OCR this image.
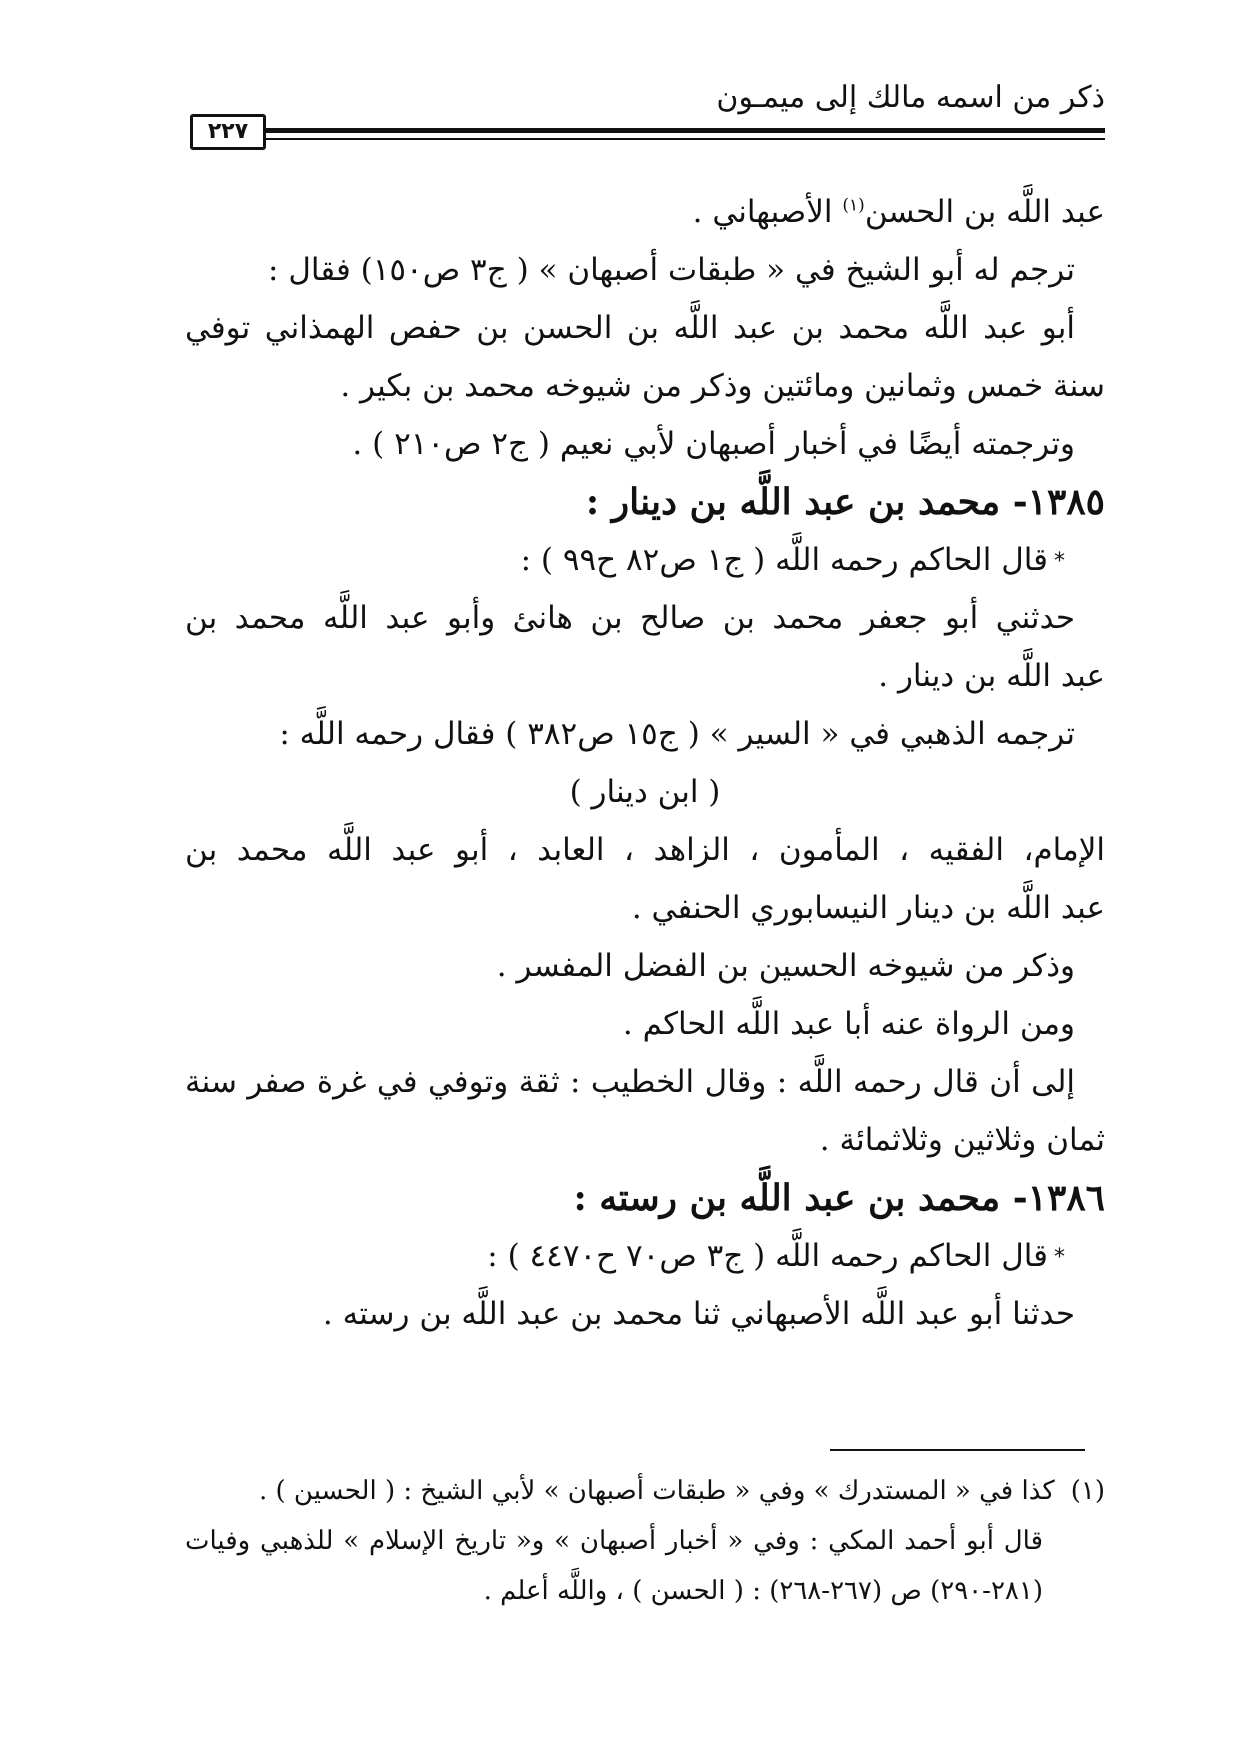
ذكر من اسمه مالك إلى ميمـون
٢٢٧
عبد اللَّه بن الحسن$^{(١)}$ الأصبهاني .
ترجم له أبو الشيخ في « طبقات أصبهان » ( ج٣ ص١٥٠) فقال :
أبو عبد اللَّه محمد بن عبد اللَّه بن الحسن بن حفص الهمذاني توفي
سنة خمس وثمانين ومائتين وذكر من شيوخه محمد بن بكير .
وترجمته أيضًا في أخبار أصبهان لأبي نعيم ( ج٢ ص٢١٠ ) .
١٣٨٥- محمد بن عبد اللَّه بن دينار :
*قال الحاكم رحمه اللَّه ( ج١ ص٨٢ ح٩٩ ) :
حدثني أبو جعفر محمد بن صالح بن هانئ وأبو عبد اللَّه محمد بن
عبد اللَّه بن دينار .
ترجمه الذهبي في « السير » ( ج١٥ ص٣٨٢ ) فقال رحمه اللَّه :
( ابن دينار )
الإمام، الفقيه ، المأمون ، الزاهد ، العابد ، أبو عبد اللَّه محمد بن
عبد اللَّه بن دينار النيسابوري الحنفي .
وذكر من شيوخه الحسين بن الفضل المفسر .
ومن الرواة عنه أبا عبد اللَّه الحاكم .
إلى أن قال رحمه اللَّه : وقال الخطيب : ثقة وتوفي في غرة صفر سنة
ثمان وثلاثين وثلاثمائة .
١٣٨٦- محمد بن عبد اللَّه بن رسته :
*قال الحاكم رحمه اللَّه ( ج٣ ص٧٠ ح٤٤٧٠ ) :
حدثنا أبو عبد اللَّه الأصبهاني ثنا محمد بن عبد اللَّه بن رسته .
(١)كذا في « المستدرك » وفي « طبقات أصبهان » لأبي الشيخ : ( الحسين ) .
قال أبو أحمد المكي : وفي « أخبار أصبهان » و« تاريخ الإسلام » للذهبي وفيات
(٢٨١-٢٩٠) ص (٢٦٧-٢٦٨) : ( الحسن ) ، واللَّه أعلم .
